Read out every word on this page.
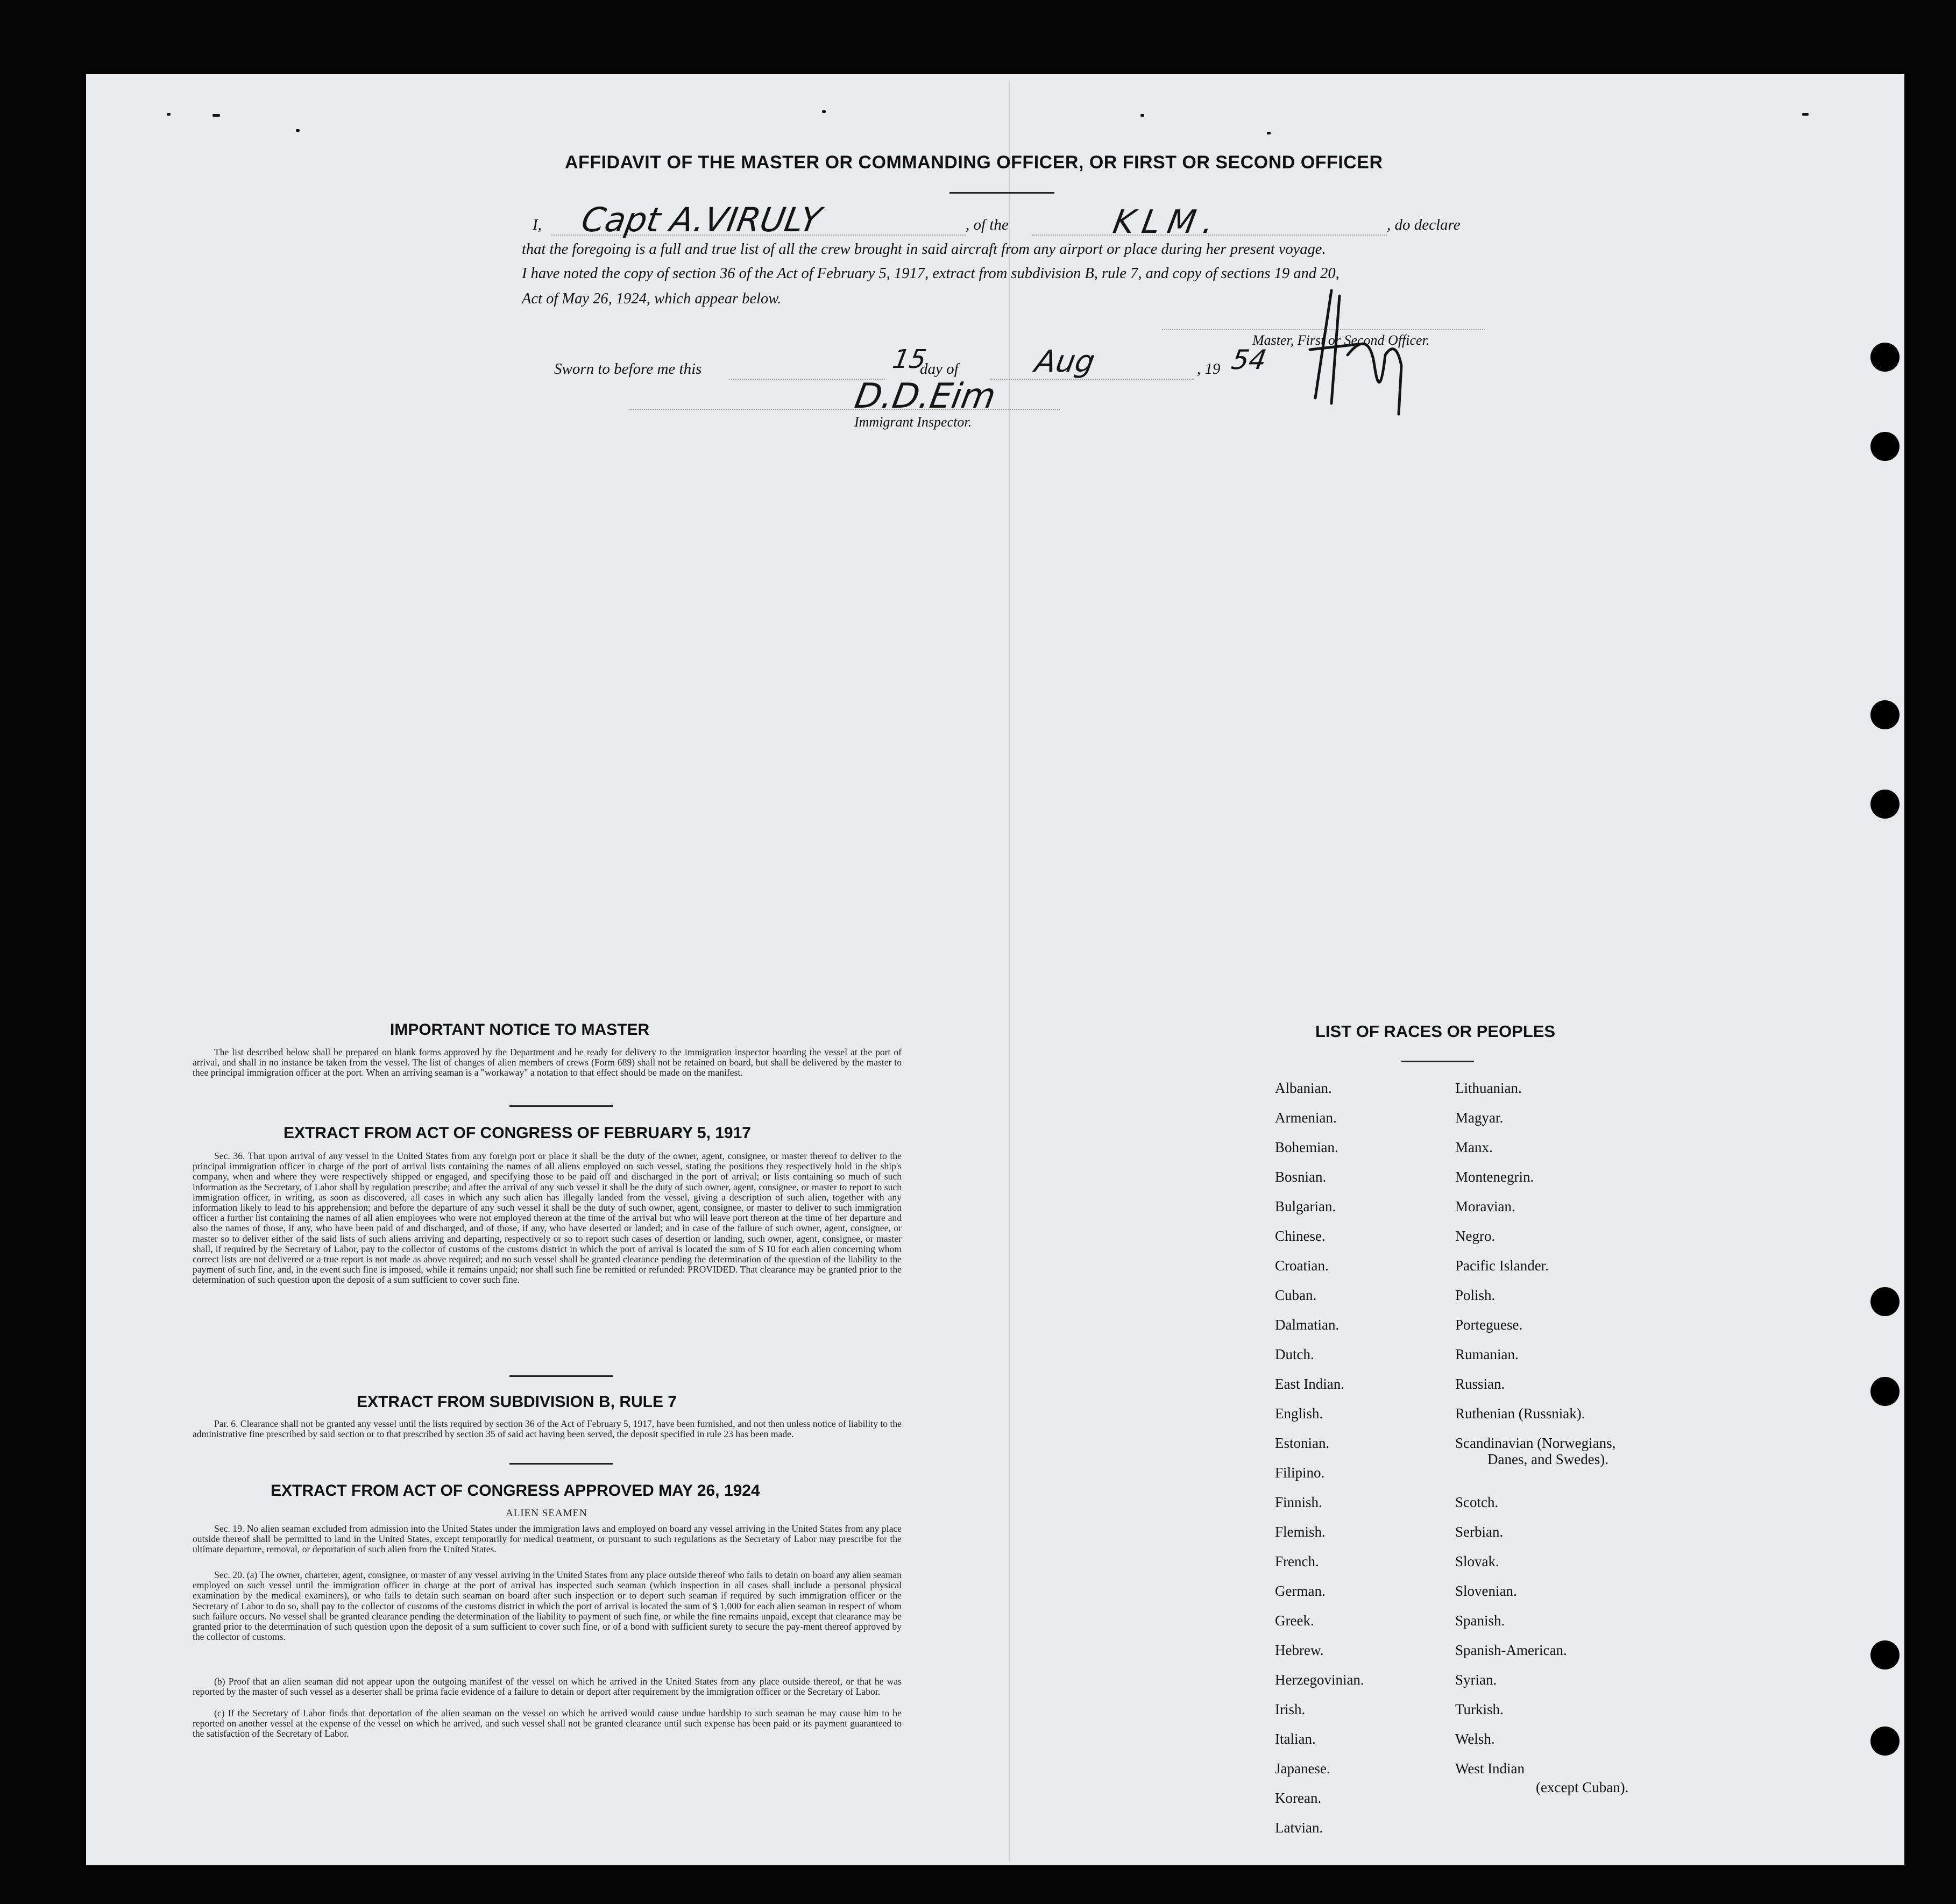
AFFIDAVIT OF THE MASTER OR COMMANDING OFFICER, OR FIRST OR SECOND OFFICER
I, Capt A.VIRULY	, of the	KLM.	, do declare
that the foregoing is a full and true list of all the crew brought in said aircraft from any airport or place during her present voyage.
I have noted the copy of section 36 of the Act of February 5, 1917, extract from subdivision B, rule 7, and copy of sections 19 and 20,
Act of May 26, 1924, which appear below.
Master, First or Second Officer.
Sworn to before me this	15
day of Aug	, 19 54
D.D.Eim
Immigrant Inspector.
IMPORTANT NOTICE TO MASTER
The list described below shall be prepared on blank forms approved by the Department and be ready for delivery to the immigration inspector boarding the vessel at the port of arrival, and shall in no instance be taken from the vessel. The list of changes of alien members of crews (Form 689) shall not be retained on board, but shall be delivered by the master to thee principal immigration officer at the port. When an arriving seaman is a "workaway" a notation to that effect should be made on the manifest.
EXTRACT FROM ACT OF CONGRESS OF FEBRUARY 5, 1917
Sec. 36. That upon arrival of any vessel in the United States from any foreign port or place it shall be the duty of the owner, agent, consignee, or master thereof to deliver to the principal immigration officer in charge of the port of arrival lists containing the names of all aliens employed on such vessel, stating the positions they respectively hold in the ship's company, when and where they were respectively shipped or engaged, and specifying those to be paid off and discharged in the port of arrival; or lists containing so much of such information as the Secretary, of Labor shall by regulation prescribe; and after the arrival of any such vessel it shall be the duty of such owner, agent, consignee, or master to report to such immigration officer, in writing, as soon as discovered, all cases in which any such alien has illegally landed from the vessel, giving a description of such alien, together with any information likely to lead to his apprehension; and before the departure of any such vessel it shall be the duty of such owner, agent, consignee, or master to deliver to such immigration officer a further list containing the names of all alien employees who were not employed thereon at the time of the arrival but who will leave port thereon at the time of her departure and also the names of those, if any, who have been paid of and discharged, and of those, if any, who have deserted or landed; and in case of the failure of such owner, agent, consignee, or master so to deliver either of the said lists of such aliens arriving and departing, respectively or so to report such cases of desertion or landing, such owner, agent, consignee, or master shall, if required by the Secretary of Labor, pay to the collector of customs of the customs district in which the port of arrival is located the sum of $ 10 for each alien concerning whom correct lists are not delivered or a true report is not made as above required; and no such vessel shall be granted clearance pending the determination of the question of the liability to the payment of such fine, and, in the event such fine is imposed, while it remains unpaid; nor shall such fine be remitted or refunded: PROVIDED. That clearance may be granted prior to the determination of such question upon the deposit of a sum sufficient to cover such fine.
EXTRACT FROM SUBDIVISION B, RULE 7
Par. 6. Clearance shall not be granted any vessel until the lists required by section 36 of the Act of February 5, 1917, have been furnished, and not then unless notice of liability to the administrative fine prescribed by said section or to that prescribed by section 35 of said act having been served, the deposit specified in rule 23 has been made.
EXTRACT FROM ACT OF CONGRESS APPROVED MAY 26, 1924
ALIEN SEAMEN
Sec. 19. No alien seaman excluded from admission into the United States under the immigration laws and employed on board any vessel arriving in the United States from any place outside thereof shall be permitted to land in the United States, except temporarily for medical treatment, or pursuant to such regulations as the Secretary of Labor may prescribe for the ultimate departure, removal, or deportation of such alien from the United States.
Sec. 20. (a) The owner, charterer, agent, consignee, or master of any vessel arriving in the United States from any place outside thereof who fails to detain on board any alien seaman employed on such vessel until the immigration officer in charge at the port of arrival has inspected such seaman (which inspection in all cases shall include a personal physical examination by the medical examiners), or who fails to detain such seaman on board after such inspection or to deport such seaman if required by such immigration officer or the Secretary of Labor to do so, shall pay to the collector of customs of the customs district in which the port of arrival is located the sum of $ 1,000 for each alien seaman in respect of whom such failure occurs. No vessel shall be granted clearance pending the determination of the liability to payment of such fine, or while the fine remains unpaid, except that clearance may be granted prior to the determination of such question upon the deposit of a sum sufficient to cover such fine, or of a bond with sufficient surety to secure the pay-ment thereof approved by the collector of customs.
(b) Proof that an alien seaman did not appear upon the outgoing manifest of the vessel on which he arrived in the United States from any place outside thereof, or that he was reported by the master of such vessel as a deserter shall be prima facie evidence of a failure to detain or deport after requirement by the immigration officer or the Secretary of Labor.
(c) If the Secretary of Labor finds that deportation of the alien seaman on the vessel on which he arrived would cause undue hardship to such seaman he may cause him to be reported on another vessel at the expense of the vessel on which he arrived, and such vessel shall not be granted clearance until such expense has been paid or its payment guaranteed to the satisfaction of the Secretary of Labor.
LIST OF RACES OR PEOPLES
Albanian.
Armenian.
Bohemian.
Bosnian.
Bulgarian.
Chinese.
Croatian.
Cuban.
Dalmatian.
Dutch.
East Indian.
English.
Estonian.
Filipino.
Finnish.
Flemish.
French.
German.
Greek.
Hebrew.
Herzegovinian.
Irish.
Italian.
Japanese.
Korean.
Latvian.
Lithuanian.
Magyar.
Manx.
Montenegrin.
Moravian.
Negro.
Pacific Islander.
Polish.
Porteguese.
Rumanian.
Russian.
Ruthenian (Russniak).
Scandinavian (Norwegians,
Danes, and Swedes).
Scotch.
Serbian.
Slovak.
Slovenian.
Spanish.
Spanish-American.
Syrian.
Turkish.
Welsh.
West Indian
(except Cuban).
